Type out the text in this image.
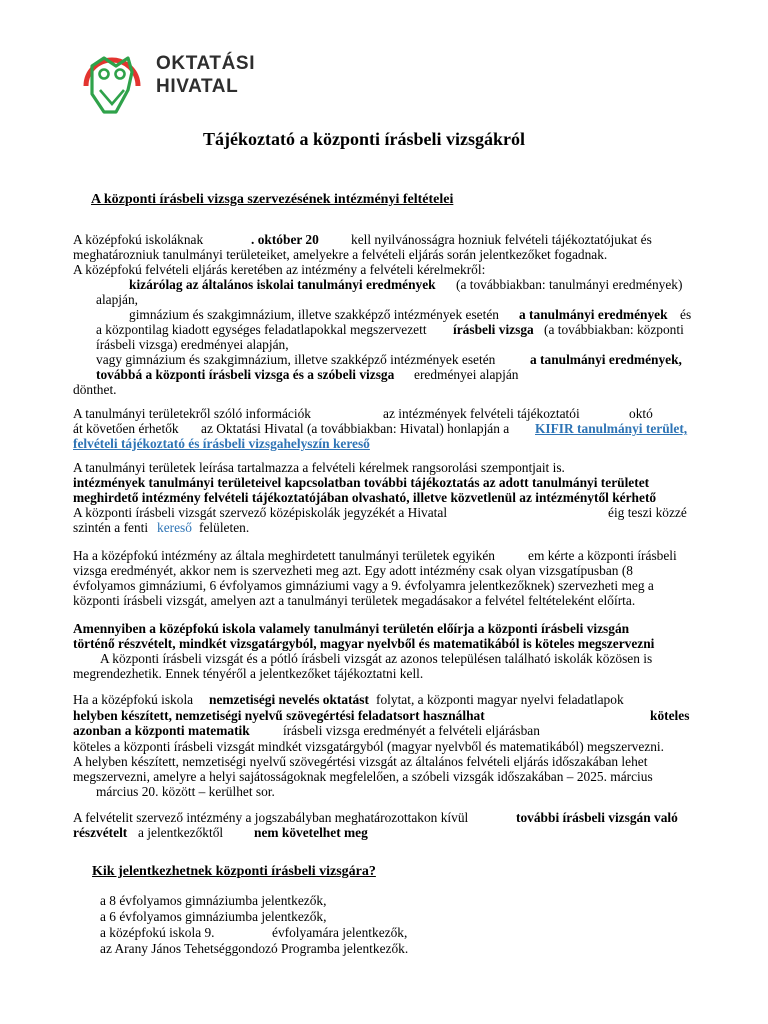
OKTATÁSI
HIVATAL
Tájékoztató a központi írásbeli vizsgákról
A központi írásbeli vizsga szervezésének intézményi feltételei
A középfokú iskoláknak	. október 20 kell nyilvánosságra hozniuk felvételi tájékoztatójukat és
meghatározniuk tanulmányi területeiket, amelyekre a felvételi eljárás során jelentkezőket fogadnak.
A középfokú felvételi eljárás keretében az intézmény a felvételi kérelmekről:
kizárólag az általános iskolai tanulmányi eredmények (a továbbiakban: tanulmányi eredmények)
alapján,
gimnázium és szakgimnázium, illetve szakképző intézmények esetén a tanulmányi eredmények és
a központilag kiadott egységes feladatlapokkal megszervezett írásbeli vizsga (a továbbiakban: központi
írásbeli vizsga) eredményei alapján,
vagy gimnázium és szakgimnázium, illetve szakképző intézmények esetén	a tanulmányi eredmények,
továbbá a központi írásbeli vizsga és a szóbeli vizsga eredményei alapján
dönthet.
A tanulmányi területekről szóló információk	az intézmények felvételi tájékoztatói	októ
át követően érhetők az Oktatási Hivatal (a továbbiakban: Hivatal) honlapján a KIFIR tanulmányi terület,
felvételi tájékoztató és írásbeli vizsgahelyszín kereső
A tanulmányi területek leírása tartalmazza a felvételi kérelmek rangsorolási szempontjait is.
intézmények tanulmányi területeivel kapcsolatban további tájékoztatás az adott tanulmányi területet
meghirdető intézmény felvételi tájékoztatójában olvasható, illetve közvetlenül az intézménytől kérhető
A központi írásbeli vizsgát szervező középiskolák jegyzékét a Hivatal	éig teszi közzé
szintén a fenti kereső felületen.
Ha a középfokú intézmény az általa meghirdetett tanulmányi területek egyikén em kérte a központi írásbeli
vizsga eredményét, akkor nem is szervezheti meg azt. Egy adott intézmény csak olyan vizsgatípusban (8
évfolyamos gimnáziumi, 6 évfolyamos gimnáziumi vagy a 9. évfolyamra jelentkezőknek) szervezheti meg a
központi írásbeli vizsgát, amelyen azt a tanulmányi területek megadásakor a felvétel feltételeként előírta.
Amennyiben a középfokú iskola valamely tanulmányi területén előírja a központi írásbeli vizsgán
történő részvételt, mindkét vizsgatárgyból, magyar nyelvből és matematikából is köteles megszervezni
A központi írásbeli vizsgát és a pótló írásbeli vizsgát az azonos településen található iskolák közösen is
megrendezhetik. Ennek tényéről a jelentkezőket tájékoztatni kell.
Ha a középfokú iskola nemzetiségi nevelés oktatást folytat, a központi magyar nyelvi feladatlapok
helyben készített, nemzetiségi nyelvű szövegértési feladatsort használhat	köteles
azonban a központi matematik írásbeli vizsga eredményét a felvételi eljárásban
köteles a központi írásbeli vizsgát mindkét vizsgatárgyból (magyar nyelvből és matematikából) megszervezni.
A helyben készített, nemzetiségi nyelvű szövegértési vizsgát az általános felvételi eljárás időszakában lehet
megszervezni, amelyre a helyi sajátosságoknak megfelelően, a szóbeli vizsgák időszakában – 2025. március
március 20. között – kerülhet sor.
A felvételit szervező intézmény a jogszabályban meghatározottakon kívül	további írásbeli vizsgán való
részvételt a jelentkezőktől nem követelhet meg
Kik jelentkezhetnek központi írásbeli vizsgára?
a 8 évfolyamos gimnáziumba jelentkezők,
a 6 évfolyamos gimnáziumba jelentkezők,
a középfokú iskola 9.	évfolyamára jelentkezők,
az Arany János Tehetséggondozó Programba jelentkezők.
